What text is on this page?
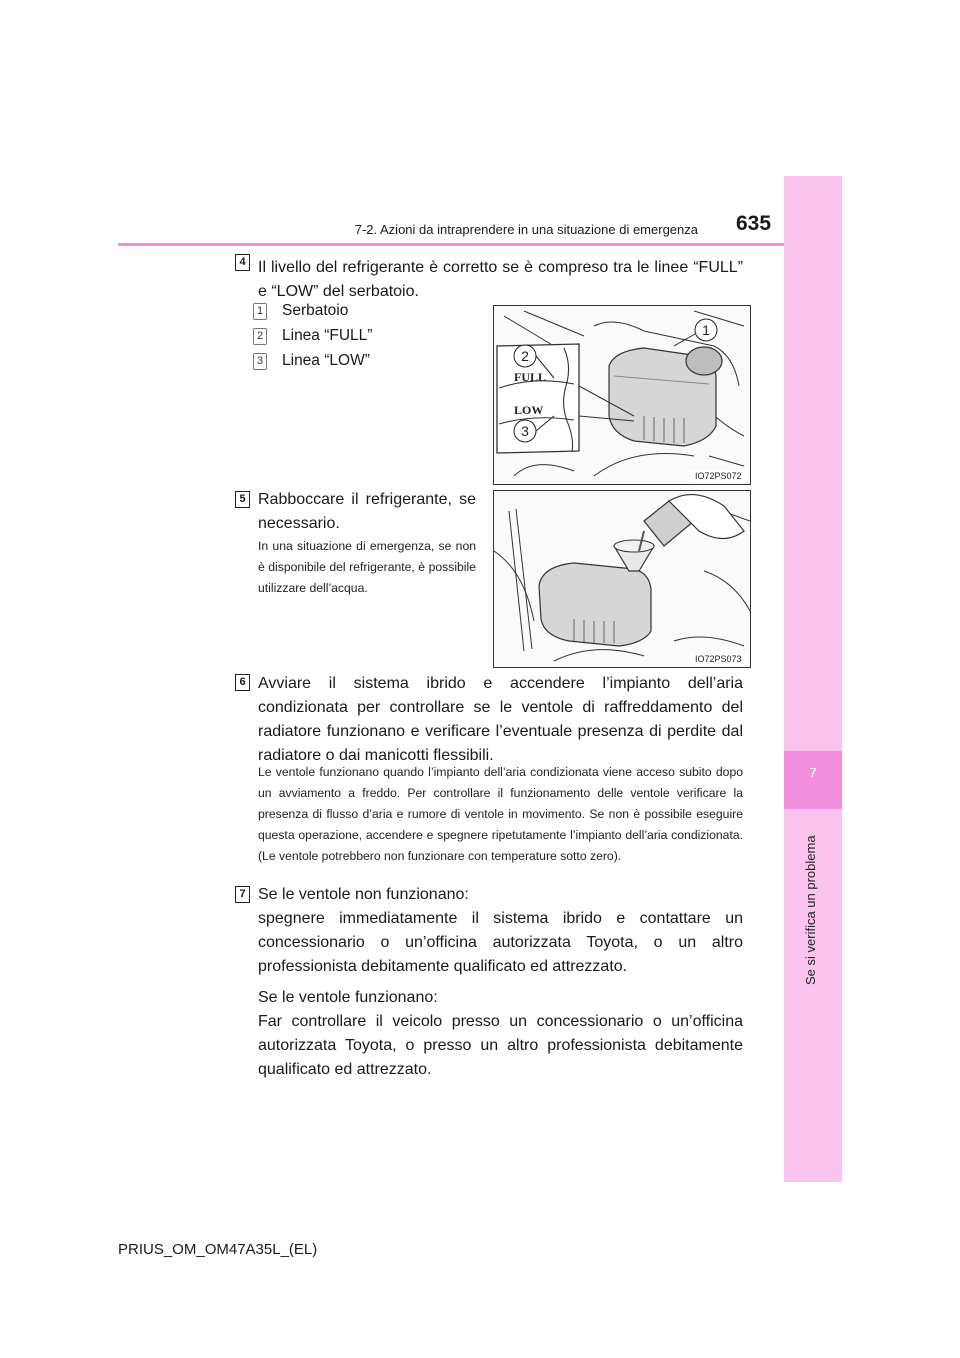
7
Se si verifica un problema
7-2. Azioni da intraprendere in una situazione di emergenza 635
4 Il livello del refrigerante è corretto se è compreso tra le linee “FULL” e “LOW” del serbatoio.
1 Serbatoio
2 Linea “FULL”
3 Linea “LOW”
FULL
LOW
1
2
3
IO72PS072
5 Rabboccare il refrigerante, se necessario.
In una situazione di emergenza, se non è disponibile del refrigerante, è possibile utilizzare dell’acqua.
IO72PS073
6 Avviare il sistema ibrido e accendere l’impianto dell’aria condizionata per controllare se le ventole di raffreddamento del radiatore funzionano e verificare l’eventuale presenza di perdite dal radiatore o dai manicotti flessibili.
Le ventole funzionano quando l’impianto dell’aria condizionata viene acceso subito dopo un avviamento a freddo. Per controllare il funzionamento delle ventole verificare la presenza di flusso d’aria e rumore di ventole in movimento. Se non è possibile eseguire questa operazione, accendere e spegnere ripetutamente l’impianto dell’aria condizionata. (Le ventole potrebbero non funzionare con temperature sotto zero).
7 Se le ventole non funzionano:
spegnere immediatamente il sistema ibrido e contattare un concessionario o un’officina autorizzata Toyota, o un altro professionista debitamente qualificato ed attrezzato.
Se le ventole funzionano:
Far controllare il veicolo presso un concessionario o un’officina autorizzata Toyota, o presso un altro professionista debitamente qualificato ed attrezzato.
PRIUS_OM_OM47A35L_(EL)
